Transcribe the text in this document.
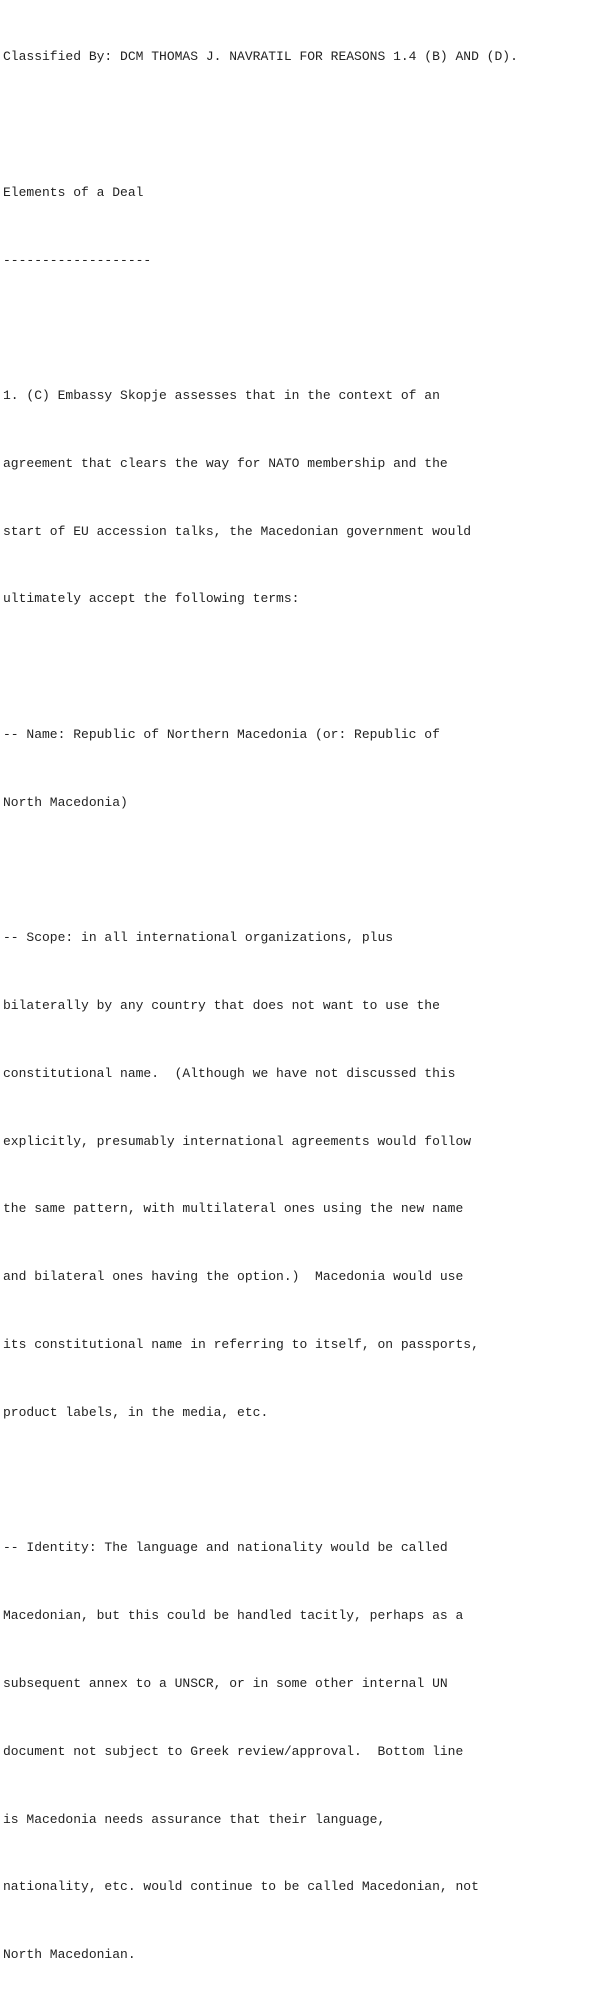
Classified By: DCM THOMAS J. NAVRATIL FOR REASONS 1.4 (B) AND (D).

Elements of a Deal

-------------------

1. (C) Embassy Skopje assesses that in the context of an

agreement that clears the way for NATO membership and the

start of EU accession talks, the Macedonian government would

ultimately accept the following terms:

-- Name: Republic of Northern Macedonia (or: Republic of

North Macedonia)

-- Scope: in all international organizations, plus

bilaterally by any country that does not want to use the

constitutional name.  (Although we have not discussed this

explicitly, presumably international agreements would follow

the same pattern, with multilateral ones using the new name

and bilateral ones having the option.)  Macedonia would use

its constitutional name in referring to itself, on passports,

product labels, in the media, etc.

-- Identity: The language and nationality would be called

Macedonian, but this could be handled tacitly, perhaps as a

subsequent annex to a UNSCR, or in some other internal UN

document not subject to Greek review/approval.  Bottom line

is Macedonia needs assurance that their language,

nationality, etc. would continue to be called Macedonian, not

North Macedonian.
